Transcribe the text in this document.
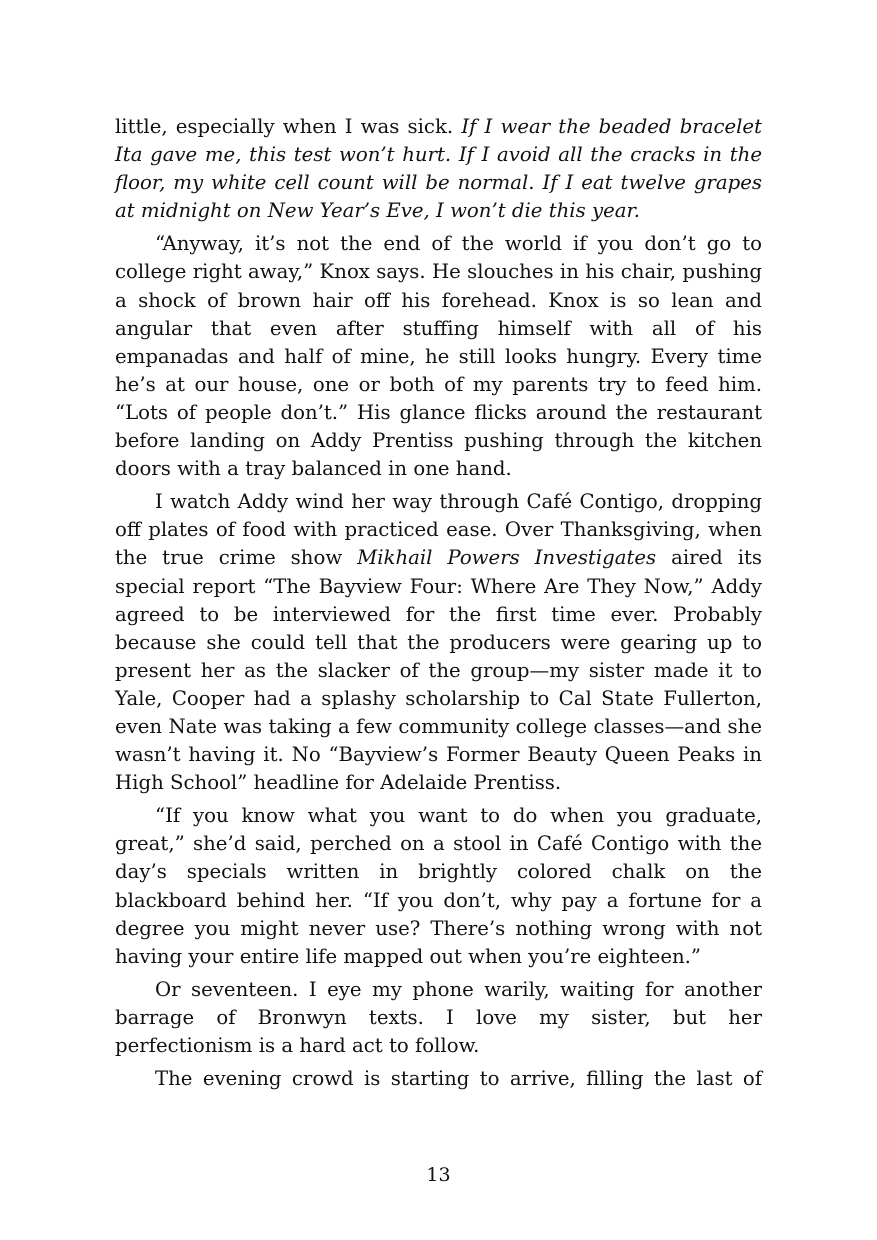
little, especially when I was sick. If I wear the beaded bracelet Ita gave me, this test won’t hurt. If I avoid all the cracks in the floor, my white cell count will be normal. If I eat twelve grapes at midnight on New Year’s Eve, I won’t die this year.

“Anyway, it’s not the end of the world if you don’t go to college right away,” Knox says. He slouches in his chair, pushing a shock of brown hair off his forehead. Knox is so lean and angular that even after stuffing himself with all of his empanadas and half of mine, he still looks hungry. Every time he’s at our house, one or both of my parents try to feed him. “Lots of people don’t.” His glance flicks around the restaurant before landing on Addy Prentiss pushing through the kitchen doors with a tray balanced in one hand.

I watch Addy wind her way through Café Contigo, dropping off plates of food with practiced ease. Over Thanksgiving, when the true crime show Mikhail Powers Investigates aired its special report “The Bayview Four: Where Are They Now,” Addy agreed to be interviewed for the first time ever. Probably because she could tell that the producers were gearing up to present her as the slacker of the group—my sister made it to Yale, Cooper had a splashy scholarship to Cal State Fullerton, even Nate was taking a few community college classes—and she wasn’t having it. No “Bayview’s Former Beauty Queen Peaks in High School” headline for Adelaide Prentiss.

“If you know what you want to do when you graduate, great,” she’d said, perched on a stool in Café Contigo with the day’s specials written in brightly colored chalk on the blackboard behind her. “If you don’t, why pay a fortune for a degree you might never use? There’s nothing wrong with not having your entire life mapped out when you’re eighteen.”

Or seventeen. I eye my phone warily, waiting for another barrage of Bronwyn texts. I love my sister, but her perfectionism is a hard act to follow.

The evening crowd is starting to arrive, filling the last of

13
